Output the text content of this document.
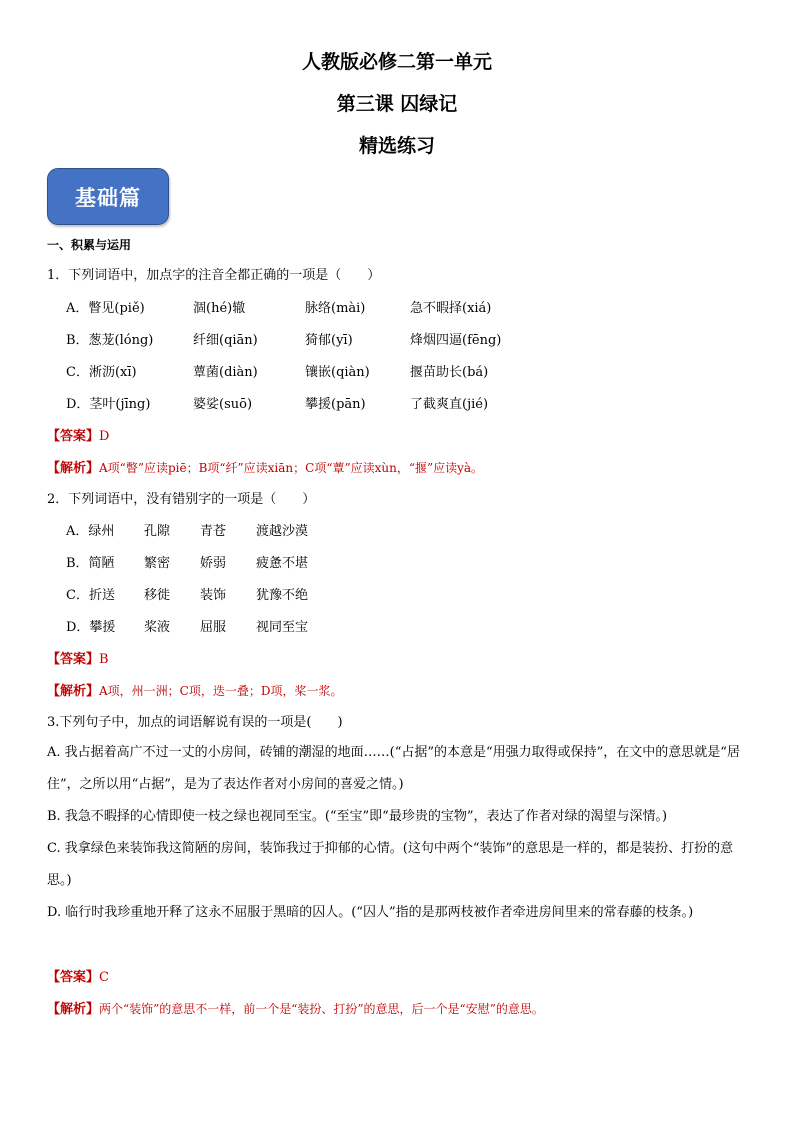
人教版必修二第一单元
第三课 囚绿记
精选练习
基础篇
一、积累与运用
1．下列词语中，加点字的注音全都正确的一项是（　　）
A．瞥见(piě)	涸(hé)辙	脉络(mài)	急不暇择(xiá)
B．葱茏(lóng)	纤细(qiān)	猗郁(yī)	烽烟四逼(fēng)
C．淅沥(xī)	蕈菌(diàn)	镶嵌(qiàn)	揠苗助长(bá)
D．茎叶(jīng)	婆娑(suō)	攀援(pān)	了截爽直(jié)
【答案】D
【解析】A项“瞥”应读piē；B项“纤”应读xiān；C项“蕈”应读xùn，“揠”应读yà。
2．下列词语中，没有错别字的一项是（　　）
A．绿州 孔隙 青苍 渡越沙漠
B．简陋 繁密 娇弱 疲惫不堪
C．折送 移徙 装饰 犹豫不绝
D．攀援 桨液 屈服 视同至宝
【答案】B
【解析】A项，州一洲；C项，迭一叠；D项，桨一浆。
3.下列句子中，加点的词语解说有误的一项是(　　)
A. 我占据着高广不过一丈的小房间，砖铺的潮湿的地面……(“占据”的本意是“用强力取得或保持”，在文中的意思就是“居住”，之所以用“占据”，是为了表达作者对小房间的喜爱之情。)
B. 我急不暇择的心情即使一枝之绿也视同至宝。(“至宝”即“最珍贵的宝物”，表达了作者对绿的渴望与深情。)
C. 我拿绿色来装饰我这简陋的房间，装饰我过于抑郁的心情。(这句中两个“装饰”的意思是一样的，都是装扮、打扮的意思。)
D. 临行时我珍重地开释了这永不屈服于黑暗的囚人。(“囚人”指的是那两枝被作者牵进房间里来的常春藤的枝条。)
【答案】C
【解析】两个“装饰”的意思不一样，前一个是“装扮、打扮”的意思，后一个是“安慰”的意思。
